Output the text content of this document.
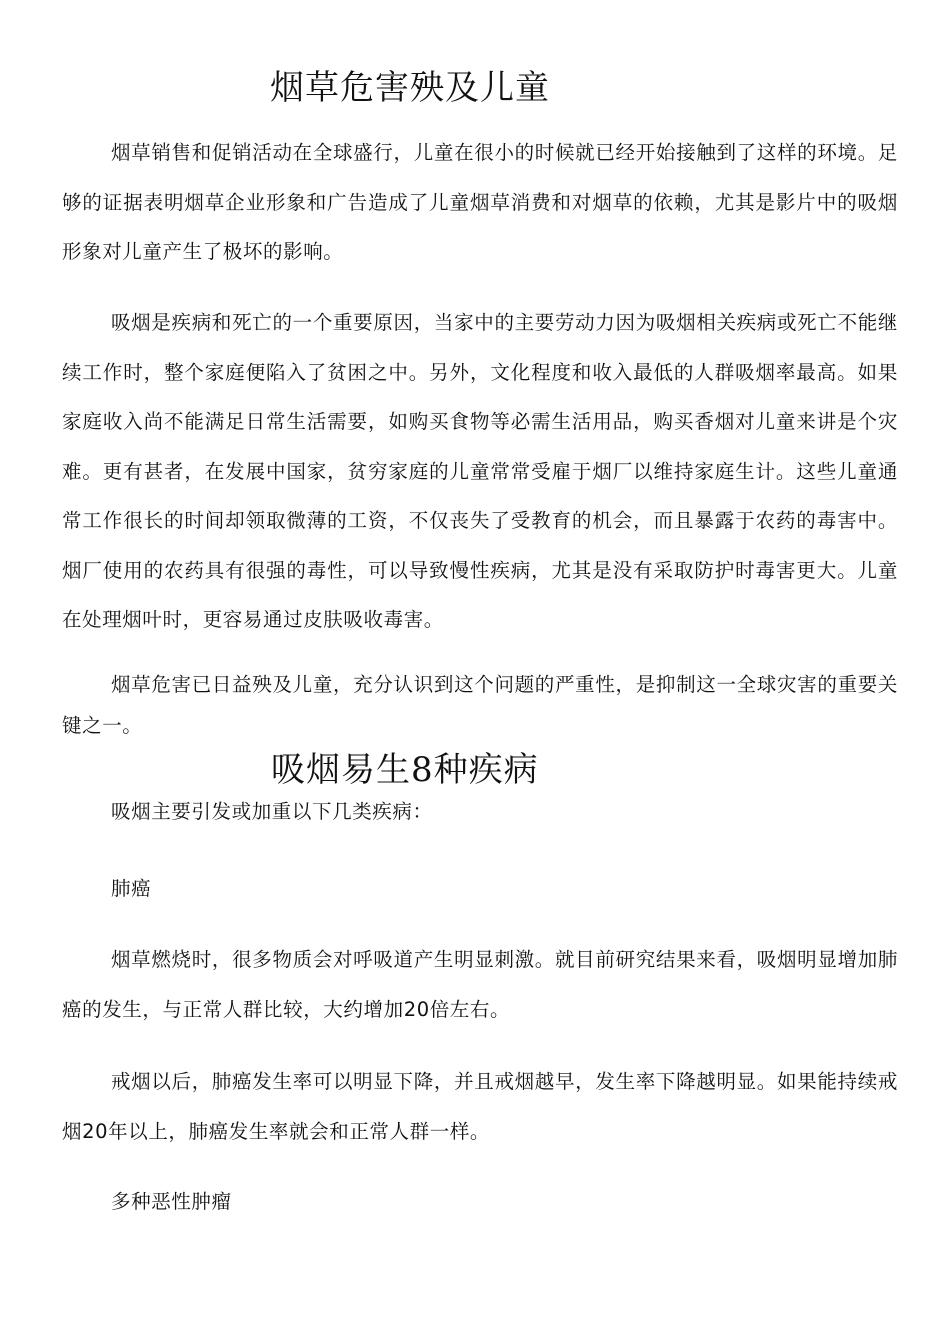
烟草危害殃及儿童

烟草销售和促销活动在全球盛行，儿童在很小的时候就已经开始接触到了这样的环境。足够的证据表明烟草企业形象和广告造成了儿童烟草消费和对烟草的依赖，尤其是影片中的吸烟形象对儿童产生了极坏的影响。

吸烟是疾病和死亡的一个重要原因，当家中的主要劳动力因为吸烟相关疾病或死亡不能继续工作时，整个家庭便陷入了贫困之中。另外，文化程度和收入最低的人群吸烟率最高。如果家庭收入尚不能满足日常生活需要，如购买食物等必需生活用品，购买香烟对儿童来讲是个灾难。更有甚者，在发展中国家，贫穷家庭的儿童常常受雇于烟厂以维持家庭生计。这些儿童通常工作很长的时间却领取微薄的工资，不仅丧失了受教育的机会，而且暴露于农药的毒害中。烟厂使用的农药具有很强的毒性，可以导致慢性疾病，尤其是没有采取防护时毒害更大。儿童在处理烟叶时，更容易通过皮肤吸收毒害。

烟草危害已日益殃及儿童，充分认识到这个问题的严重性，是抑制这一全球灾害的重要关键之一。

吸烟易生8种疾病

吸烟主要引发或加重以下几类疾病：

肺癌

烟草燃烧时，很多物质会对呼吸道产生明显刺激。就目前研究结果来看，吸烟明显增加肺癌的发生，与正常人群比较，大约增加20倍左右。

戒烟以后，肺癌发生率可以明显下降，并且戒烟越早，发生率下降越明显。如果能持续戒烟20年以上，肺癌发生率就会和正常人群一样。

多种恶性肿瘤
